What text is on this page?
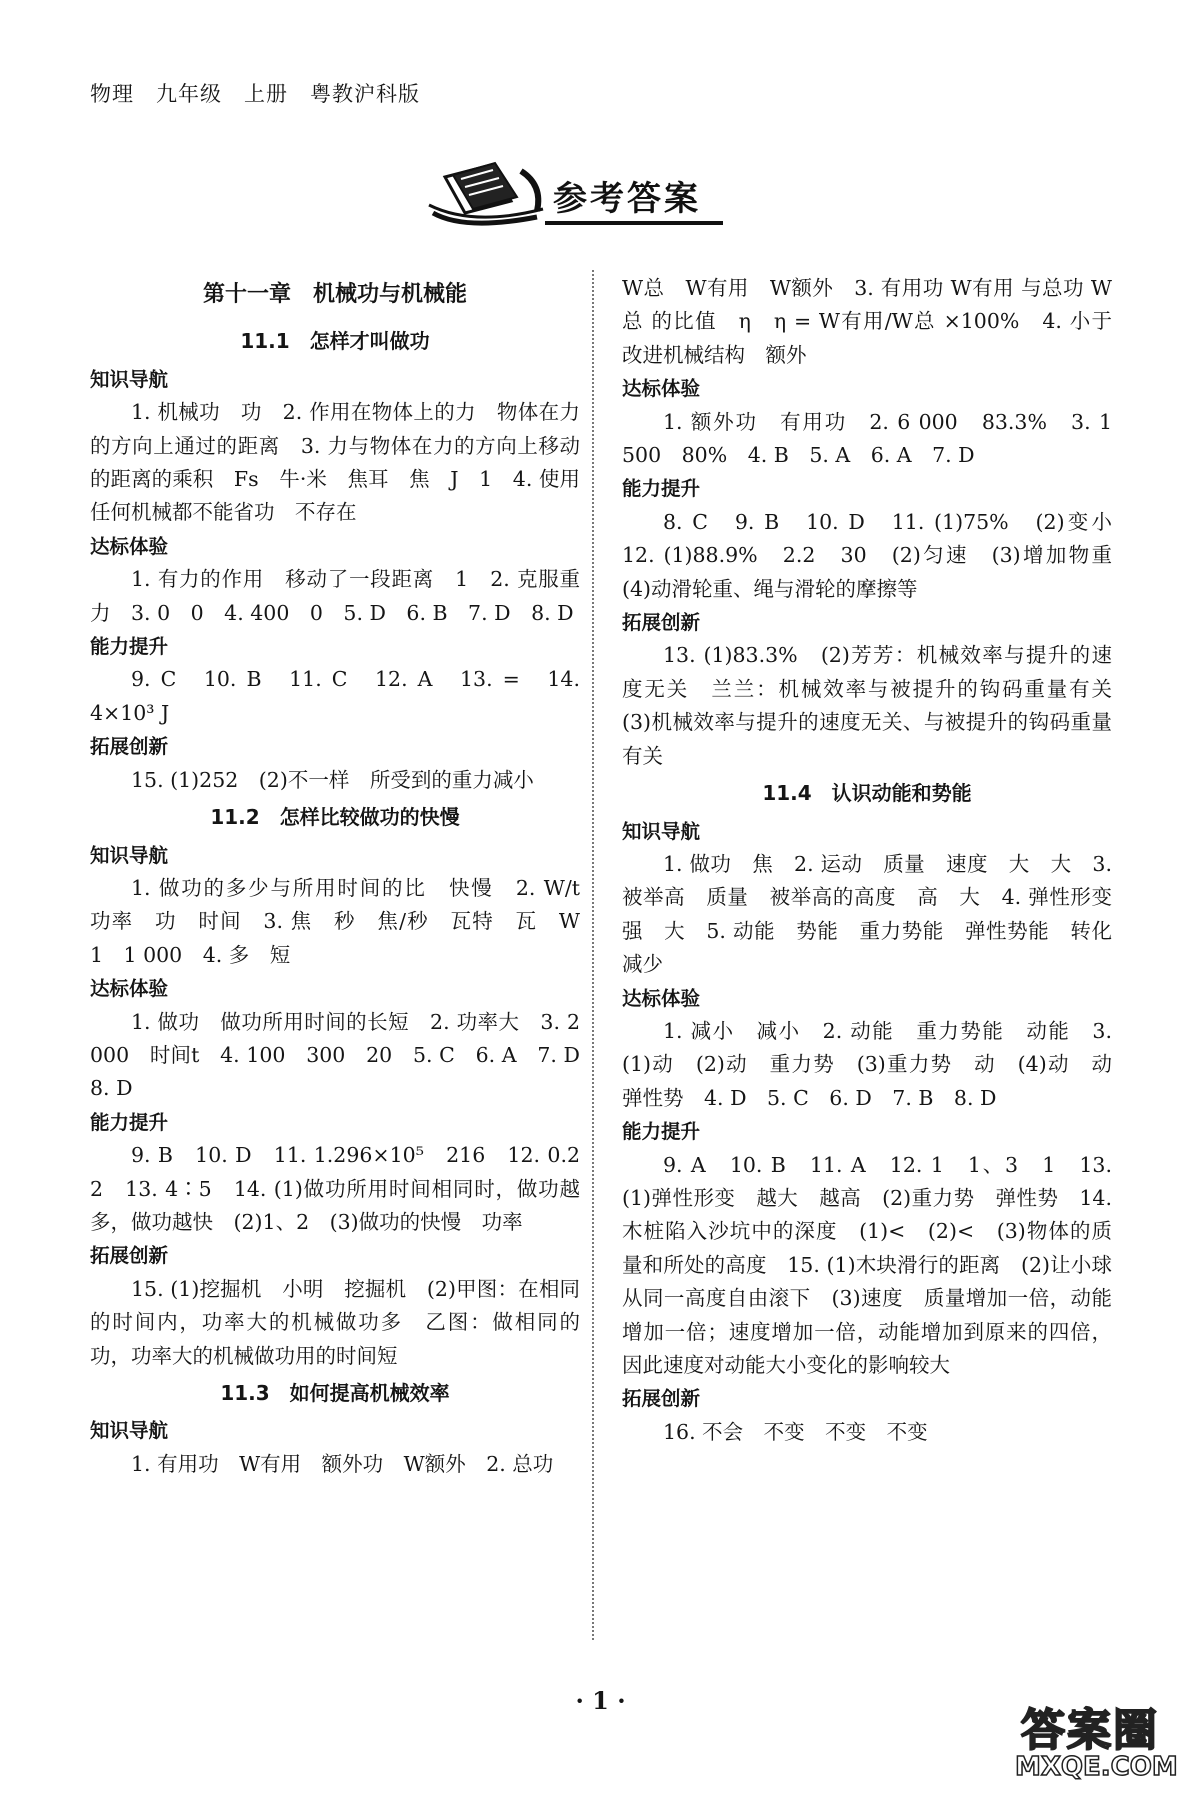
物理　九年级　上册　粤教沪科版
参考答案
第十一章　机械功与机械能
11.1　怎样才叫做功
知识导航
1. 机械功　功　2. 作用在物体上的力　物体在力的方向上通过的距离　3. 力与物体在力的方向上移动的距离的乘积　Fs　牛·米　焦耳　焦　J　1　4. 使用任何机械都不能省功　不存在
达标体验
1. 有力的作用　移动了一段距离　1　2. 克服重力　3. 0　0　4. 400　0　5. D　6. B　7. D　8. D
能力提升
9. C　10. B　11. C　12. A　13. =　14. 4×10³ J
拓展创新
15. (1)252　(2)不一样　所受到的重力减小
11.2　怎样比较做功的快慢
知识导航
1. 做功的多少与所用时间的比　快慢　2. W/t　功率　功　时间　3. 焦　秒　焦/秒　瓦特　瓦　W　1　1 000　4. 多　短
达标体验
1. 做功　做功所用时间的长短　2. 功率大　3. 2 000　时间t　4. 100　300　20　5. C　6. A　7. D　8. D
能力提升
9. B　10. D　11. 1.296×10⁵　216　12. 0.2　2　13. 4∶5　14. (1)做功所用时间相同时，做功越多，做功越快　(2)1、2　(3)做功的快慢　功率
拓展创新
15. (1)挖掘机　小明　挖掘机　(2)甲图：在相同的时间内，功率大的机械做功多　乙图：做相同的功，功率大的机械做功用的时间短
11.3　如何提高机械效率
知识导航
1. 有用功　W有用　额外功　W额外　2. 总功
W总　W有用　W额外　3. 有用功 W有用 与总功 W总 的比值　η　η = W有用/W总 ×100%　4. 小于　改进机械结构　额外
达标体验
1. 额外功　有用功　2. 6 000　83.3%　3. 1 500　80%　4. B　5. A　6. A　7. D
能力提升
8. C　9. B　10. D　11. (1)75%　(2)变小　12. (1)88.9%　2.2　30　(2)匀速　(3)增加物重　(4)动滑轮重、绳与滑轮的摩擦等
拓展创新
13. (1)83.3%　(2)芳芳：机械效率与提升的速度无关　兰兰：机械效率与被提升的钩码重量有关　(3)机械效率与提升的速度无关、与被提升的钩码重量有关
11.4　认识动能和势能
知识导航
1. 做功　焦　2. 运动　质量　速度　大　大　3. 被举高　质量　被举高的高度　高　大　4. 弹性形变　强　大　5. 动能　势能　重力势能　弹性势能　转化　减少
达标体验
1. 减小　减小　2. 动能　重力势能　动能　3. (1)动　(2)动　重力势　(3)重力势　动　(4)动　动　弹性势　4. D　5. C　6. D　7. B　8. D
能力提升
9. A　10. B　11. A　12. 1　1、3　1　13. (1)弹性形变　越大　越高　(2)重力势　弹性势　14. 木桩陷入沙坑中的深度　(1)<　(2)<　(3)物体的质量和所处的高度　15. (1)木块滑行的距离　(2)让小球从同一高度自由滚下　(3)速度　质量增加一倍，动能增加一倍；速度增加一倍，动能增加到原来的四倍，因此速度对动能大小变化的影响较大
拓展创新
16. 不会　不变　不变　不变
· 1 ·
答案圈
MXQE.COM
